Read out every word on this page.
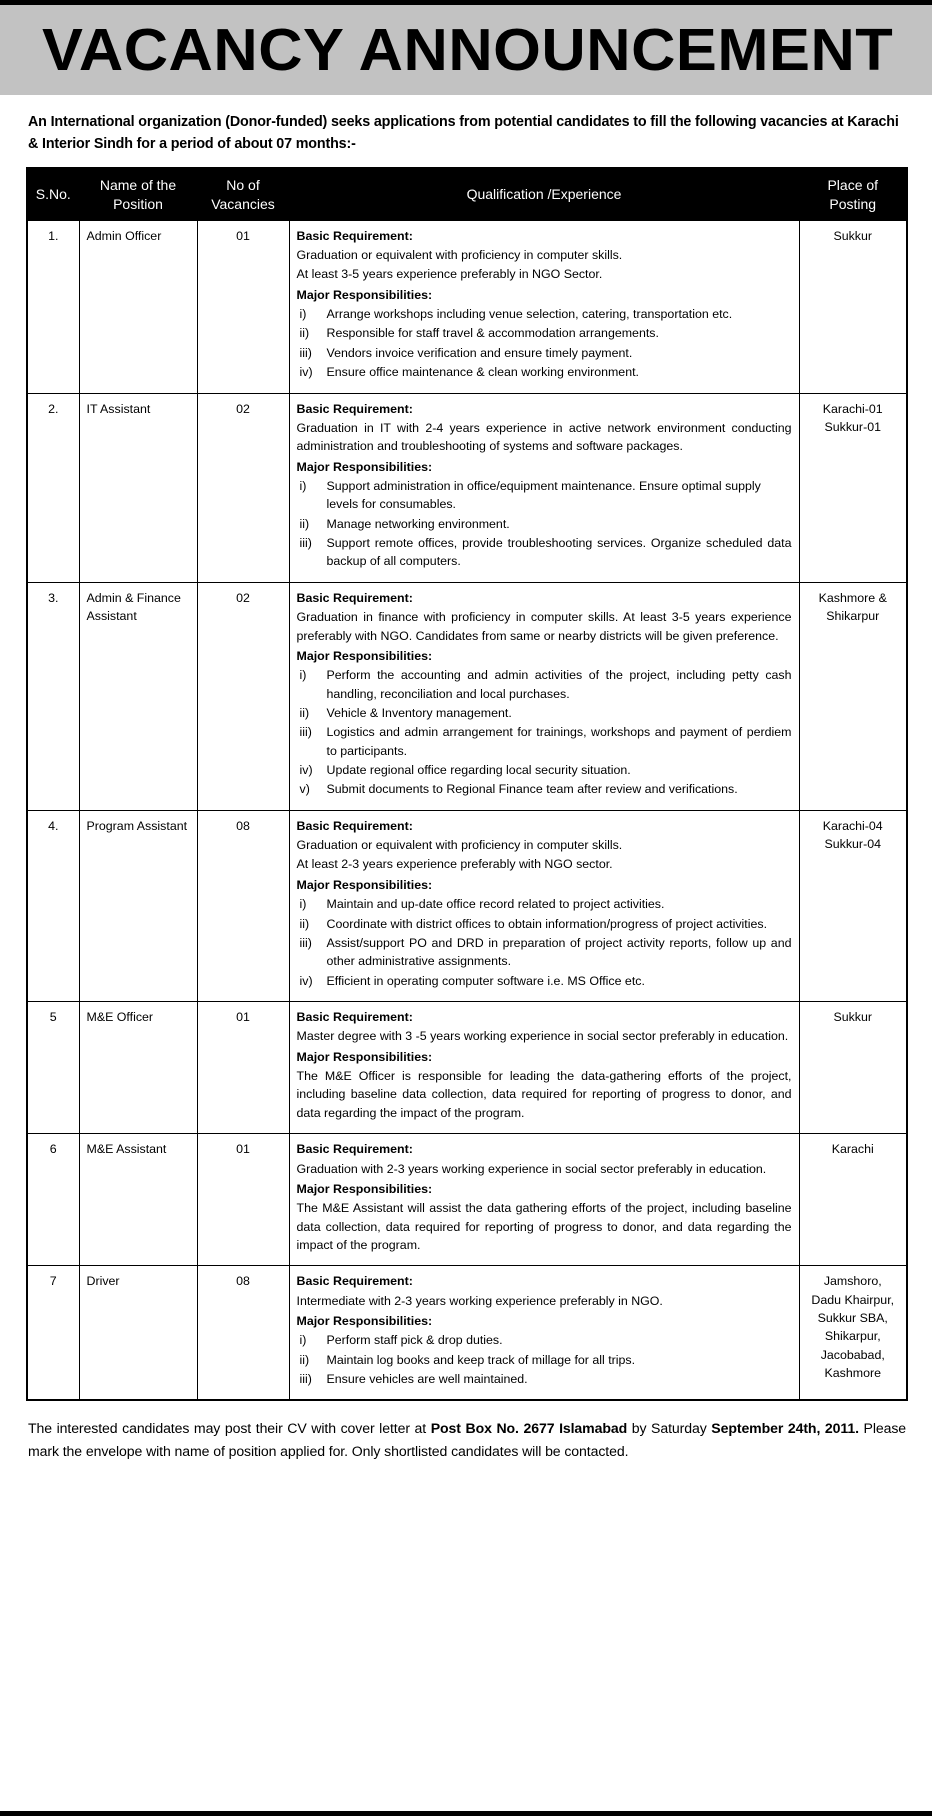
VACANCY ANNOUNCEMENT
An International organization (Donor-funded) seeks applications from potential candidates to fill the following vacancies at Karachi & Interior Sindh for a period of about 07 months:-
S.No.	Name of the Position	No of Vacancies	Qualification /Experience	Place of Posting
1.	Admin Officer	01	Basic Requirement:
Graduation or equivalent with proficiency in computer skills.
At least 3-5 years experience preferably in NGO Sector.
Major Responsibilities:
i)	Arrange workshops including venue selection, catering, transportation etc.
ii)	Responsible for staff travel & accommodation arrangements.
iii)	Vendors invoice verification and ensure timely payment.
iv)	Ensure office maintenance & clean working environment.
	Sukkur
2.	IT Assistant	02	Basic Requirement:
Graduation in IT with 2-4 years experience in active network environment conducting administration and troubleshooting of systems and software packages.
Major Responsibilities:
i)	Support administration in office/equipment maintenance. Ensure optimal supply levels for consumables.
ii)	Manage networking environment.
iii)	Support remote offices, provide troubleshooting services. Organize scheduled data backup of all computers.
	Karachi-01
Sukkur-01
3.	Admin & Finance Assistant	02	Basic Requirement:
Graduation in finance with proficiency in computer skills. At least 3-5 years experience preferably with NGO. Candidates from same or nearby districts will be given preference.
Major Responsibilities:
i)	Perform the accounting and admin activities of the project, including petty cash handling, reconciliation and local purchases.
ii)	Vehicle & Inventory management.
iii)	Logistics and admin arrangement for trainings, workshops and payment of perdiem to participants.
iv)	Update regional office regarding local security situation.
v)	Submit documents to Regional Finance team after review and verifications.
	Kashmore & Shikarpur
4.	Program Assistant	08	Basic Requirement:
Graduation or equivalent with proficiency in computer skills.
At least 2-3 years experience preferably with NGO sector.
Major Responsibilities:
i)	Maintain and up-date office record related to project activities.
ii)	Coordinate with district offices to obtain information/progress of project activities.
iii)	Assist/support PO and DRD in preparation of project activity reports, follow up and other administrative assignments.
iv)	Efficient in operating computer software i.e. MS Office etc.
	Karachi-04
Sukkur-04
5	M&E Officer	01	Basic Requirement:
Master degree with 3 -5 years working experience in social sector preferably in education.
Major Responsibilities:
The M&E Officer is responsible for leading the data-gathering efforts of the project, including baseline data collection, data required for reporting of progress to donor, and data regarding the impact of the program.	Sukkur
6	M&E Assistant	01	Basic Requirement:
Graduation with 2-3 years working experience in social sector preferably in education.
Major Responsibilities:
The M&E Assistant will assist the data gathering efforts of the project, including baseline data collection, data required for reporting of progress to donor, and data regarding the impact of the program.	Karachi
7	Driver	08	Basic Requirement:
Intermediate with 2-3 years working experience preferably in NGO.
Major Responsibilities:
i)	Perform staff pick & drop duties.
ii)	Maintain log books and keep track of millage for all trips.
iii)	Ensure vehicles are well maintained.
	Jamshoro,
Dadu Khairpur,
Sukkur SBA,
Shikarpur,
Jacobabad,
Kashmore
The interested candidates may post their CV with cover letter at Post Box No. 2677 Islamabad by Saturday September 24th, 2011. Please mark the envelope with name of position applied for. Only shortlisted candidates will be contacted.
